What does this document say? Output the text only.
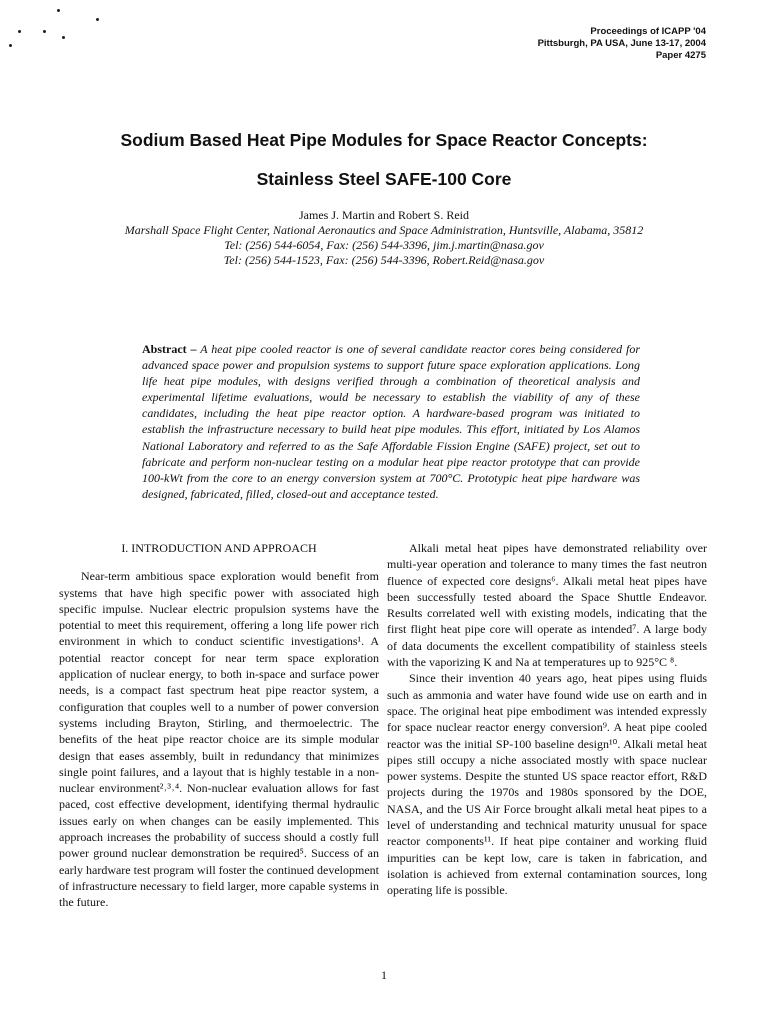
Proceedings of ICAPP '04
Pittsburgh, PA USA, June 13-17, 2004
Paper 4275
Sodium Based Heat Pipe Modules for Space Reactor Concepts:
Stainless Steel SAFE-100 Core
James J. Martin and Robert S. Reid
Marshall Space Flight Center, National Aeronautics and Space Administration, Huntsville, Alabama, 35812
Tel: (256) 544-6054, Fax: (256) 544-3396, jim.j.martin@nasa.gov
Tel: (256) 544-1523, Fax: (256) 544-3396, Robert.Reid@nasa.gov
Abstract – A heat pipe cooled reactor is one of several candidate reactor cores being considered for advanced space power and propulsion systems to support future space exploration applications. Long life heat pipe modules, with designs verified through a combination of theoretical analysis and experimental lifetime evaluations, would be necessary to establish the viability of any of these candidates, including the heat pipe reactor option. A hardware-based program was initiated to establish the infrastructure necessary to build heat pipe modules. This effort, initiated by Los Alamos National Laboratory and referred to as the Safe Affordable Fission Engine (SAFE) project, set out to fabricate and perform non-nuclear testing on a modular heat pipe reactor prototype that can provide 100-kWt from the core to an energy conversion system at 700°C. Prototypic heat pipe hardware was designed, fabricated, filled, closed-out and acceptance tested.
I. INTRODUCTION AND APPROACH

Near-term ambitious space exploration would benefit from systems that have high specific power with associated high specific impulse. Nuclear electric propulsion systems have the potential to meet this requirement, offering a long life power rich environment in which to conduct scientific investigations¹. A potential reactor concept for near term space exploration application of nuclear energy, to both in-space and surface power needs, is a compact fast spectrum heat pipe reactor system, a configuration that couples well to a number of power conversion systems including Brayton, Stirling, and thermoelectric. The benefits of the heat pipe reactor choice are its simple modular design that eases assembly, built in redundancy that minimizes single point failures, and a layout that is highly testable in a non-nuclear environment²˒³˒⁴. Non-nuclear evaluation allows for fast paced, cost effective development, identifying thermal hydraulic issues early on when changes can be easily implemented. This approach increases the probability of success should a costly full power ground nuclear demonstration be required⁵. Success of an early hardware test program will foster the continued development of infrastructure necessary to field larger, more capable systems in the future.

Alkali metal heat pipes have demonstrated reliability over multi-year operation and tolerance to many times the fast neutron fluence of expected core designs⁶. Alkali metal heat pipes have been successfully tested aboard the Space Shuttle Endeavor. Results correlated well with existing models, indicating that the first flight heat pipe core will operate as intended⁷. A large body of data documents the excellent compatibility of stainless steels with the vaporizing K and Na at temperatures up to 925°C ⁸.

Since their invention 40 years ago, heat pipes using fluids such as ammonia and water have found wide use on earth and in space. The original heat pipe embodiment was intended expressly for space nuclear reactor energy conversion⁹. A heat pipe cooled reactor was the initial SP-100 baseline design¹⁰. Alkali metal heat pipes still occupy a niche associated mostly with space nuclear power systems. Despite the stunted US space reactor effort, R&D projects during the 1970s and 1980s sponsored by the DOE, NASA, and the US Air Force brought alkali metal heat pipes to a level of understanding and technical maturity unusual for space reactor components¹¹. If heat pipe container and working fluid impurities can be kept low, care is taken in fabrication, and isolation is achieved from external contamination sources, long operating life is possible.

1
